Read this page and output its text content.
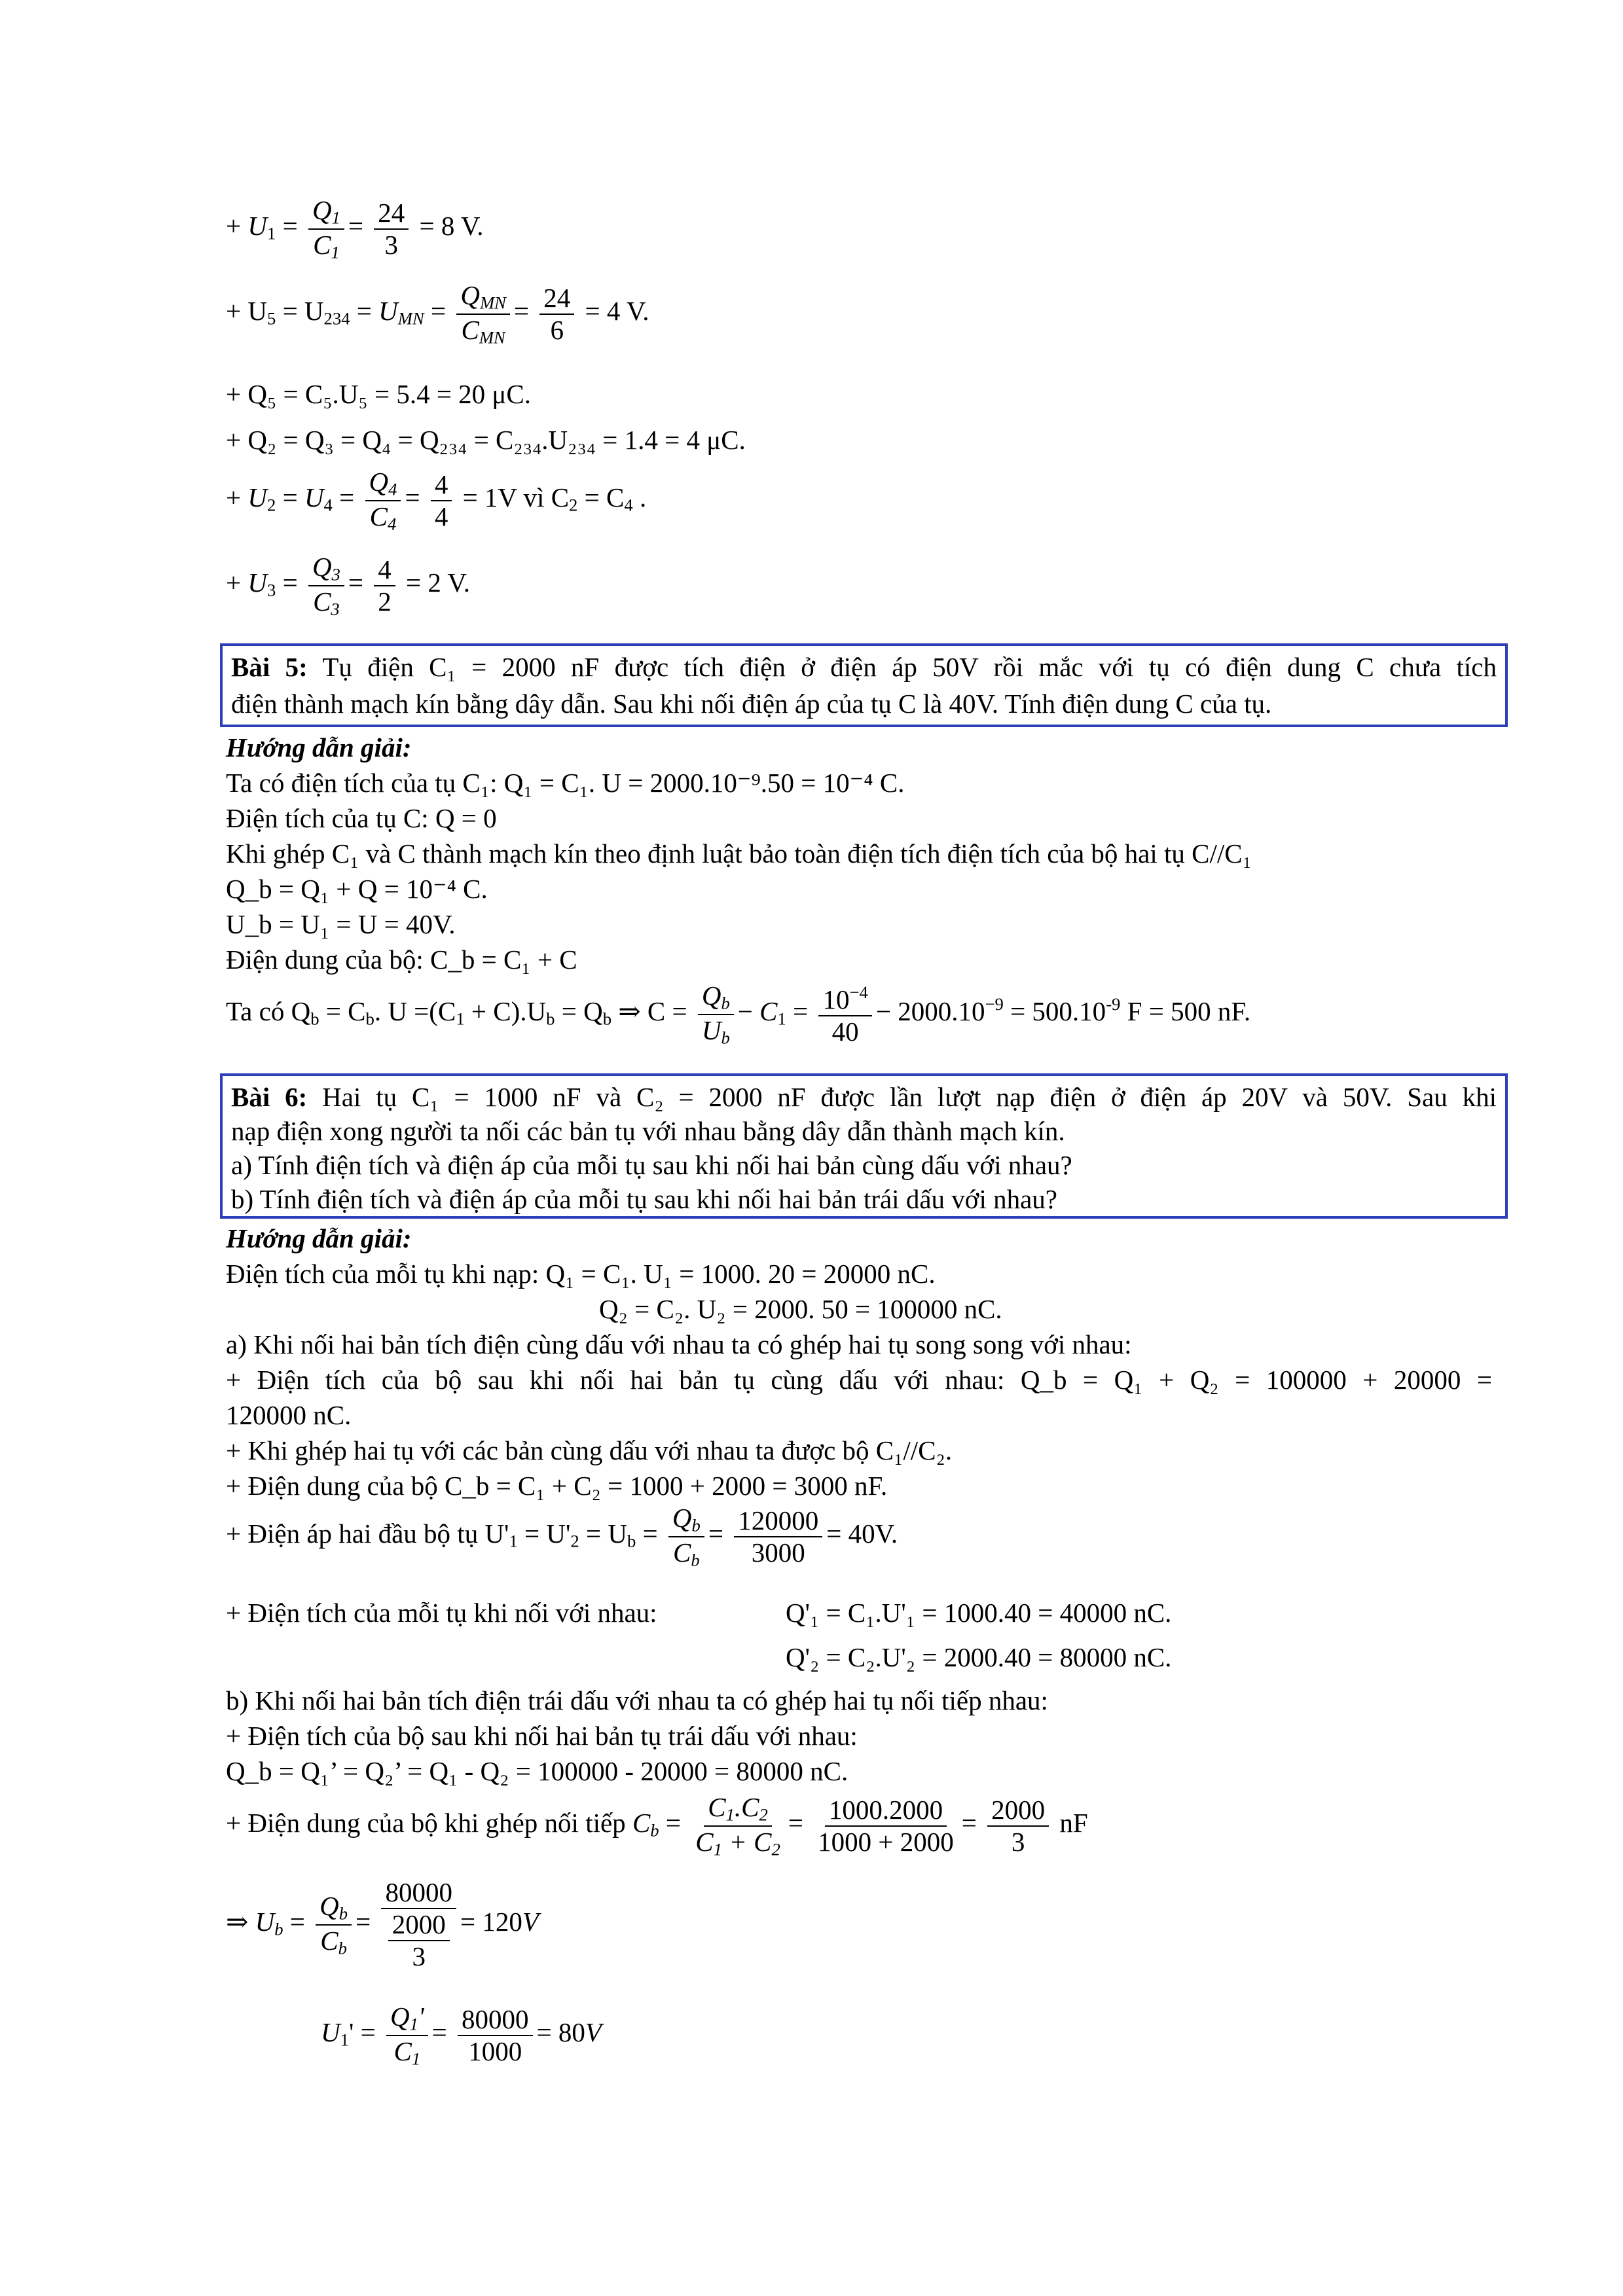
+ $U_1 = \frac{Q_1}{C_1} = \frac{24}{3} = 8$ V.
+ $U_5 = U_{234} = U_{MN} = \frac{Q_{MN}}{C_{MN}} = \frac{24}{6} = 4$ V.
+ Q₅ = C₅.U₅ = 5.4 = 20 μC.
+ Q₂ = Q₃ = Q₄ = Q₂₃₄ = C₂₃₄.U₂₃₄ = 1.4 = 4 μC.
+ $U_2 = U_4 = \frac{Q_4}{C_4} = \frac{4}{4} = 1V$ vì $C_2 = C_4$ .
+ $U_3 = \frac{Q_3}{C_3} = \frac{4}{2} = 2$ V.
Bài 5: Tụ điện C₁ = 2000 nF được tích điện ở điện áp 50V rồi mắc với tụ có điện dung C chưa tích
điện thành mạch kín bằng dây dẫn. Sau khi nối điện áp của tụ C là 40V. Tính điện dung C của tụ.
Hướng dẫn giải:
Ta có điện tích của tụ C₁: Q₁ = C₁. U = 2000.10⁻⁹.50 = 10⁻⁴ C.
Điện tích của tụ C: Q = 0
Khi ghép C₁ và C thành mạch kín theo định luật bảo toàn điện tích điện tích của bộ hai tụ C//C₁
Q_b = Q₁ + Q = 10⁻⁴ C.
U_b = U₁ = U = 40V.
Điện dung của bộ: C_b = C₁ + C
Ta có $Q_b = C_b$. $U =(C_1 + C).U_b = Q_b$ ⇒ $C = \frac{Q_b}{U_b} - C_1 = \frac{10^{-4}}{40} - 2000.10^{-9} = 500.10^{-9}$ F = 500 nF.
Bài 6: Hai tụ C₁ = 1000 nF và C₂ = 2000 nF được lần lượt nạp điện ở điện áp 20V và 50V. Sau khi
nạp điện xong người ta nối các bản tụ với nhau bằng dây dẫn thành mạch kín.
a) Tính điện tích và điện áp của mỗi tụ sau khi nối hai bản cùng dấu với nhau?
b) Tính điện tích và điện áp của mỗi tụ sau khi nối hai bản trái dấu với nhau?
Hướng dẫn giải:
Điện tích của mỗi tụ khi nạp: Q₁ = C₁. U₁ = 1000. 20 = 20000 nC.
Q₂ = C₂. U₂ = 2000. 50 = 100000 nC.
a) Khi nối hai bản tích điện cùng dấu với nhau ta có ghép hai tụ song song với nhau:
+ Điện tích của bộ sau khi nối hai bản tụ cùng dấu với nhau: Q_b = Q₁ + Q₂ = 100000 + 20000 =
120000 nC.
+ Khi ghép hai tụ với các bản cùng dấu với nhau ta được bộ C₁//C₂.
+ Điện dung của bộ C_b = C₁ + C₂ = 1000 + 2000 = 3000 nF.
+ Điện áp hai đầu bộ tụ $U'_1 = U'_2 = U_b = \frac{Q_b}{C_b} = \frac{120000}{3000} = 40V$.
+ Điện tích của mỗi tụ khi nối với nhau:	Q'₁ = C₁.U'₁ = 1000.40 = 40000 nC.
Q'₂ = C₂.U'₂ = 2000.40 = 80000 nC.
b) Khi nối hai bản tích điện trái dấu với nhau ta có ghép hai tụ nối tiếp nhau:
+ Điện tích của bộ sau khi nối hai bản tụ trái dấu với nhau:
Q_b = Q₁’ = Q₂’ = Q₁ - Q₂ = 100000 - 20000 = 80000 nC.
+ Điện dung của bộ khi ghép nối tiếp $C_b = \frac{C_1.C_2}{C_1 + C_2} = \frac{1000.2000}{1000 + 2000} = \frac{2000}{3}$ nF
⇒ $U_b = \frac{Q_b}{C_b} = \frac{80000}{\frac{2000}{3}} = 120V$
$U_1' = \frac{Q_1'}{C_1} = \frac{80000}{1000} = 80V$
